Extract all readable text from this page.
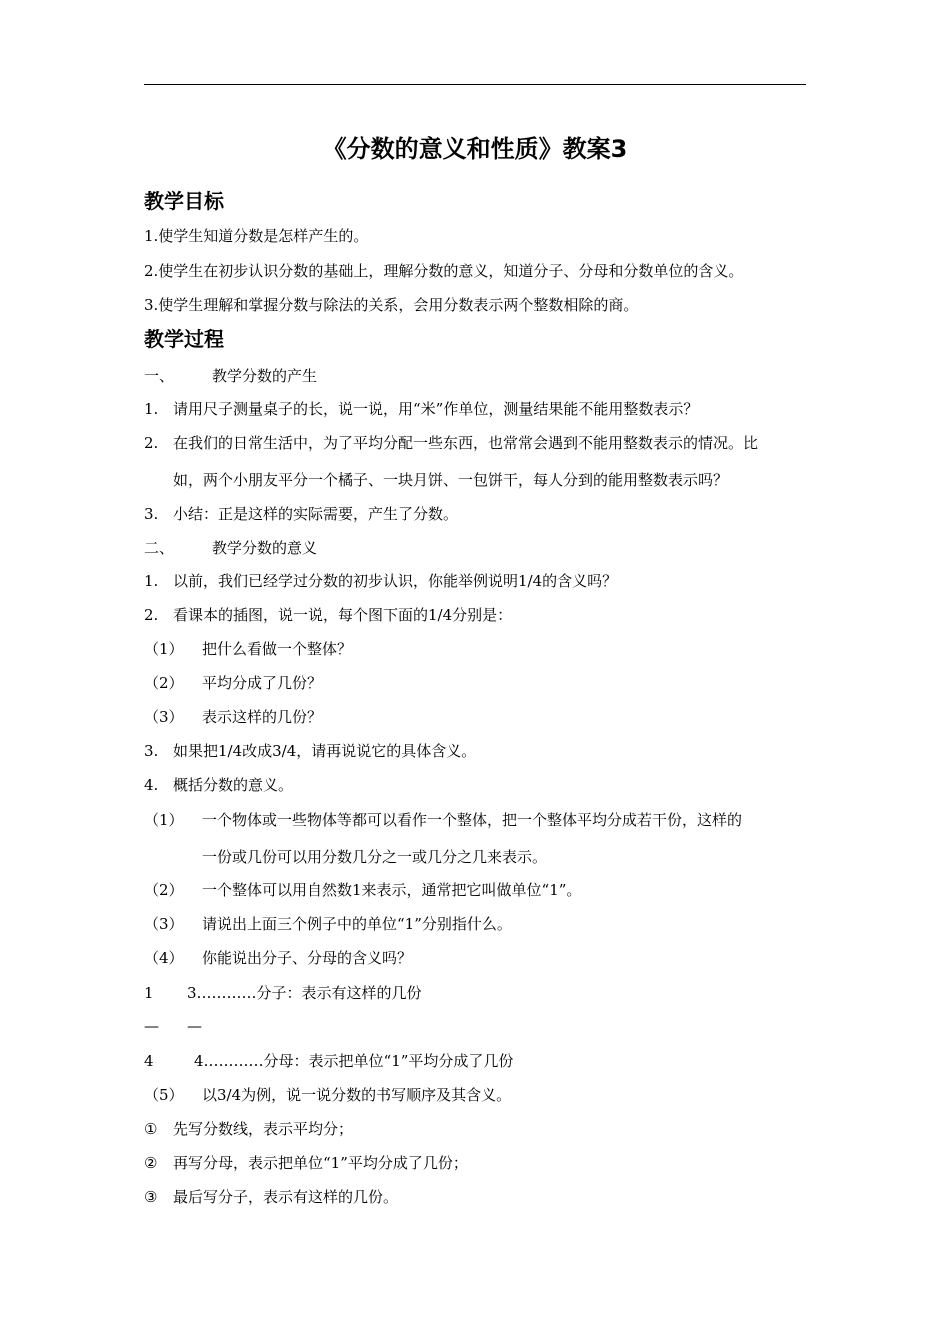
《分数的意义和性质》教案3
教学目标
1.使学生知道分数是怎样产生的。
2.使学生在初步认识分数的基础上，理解分数的意义，知道分子、分母和分数单位的含义。
3.使学生理解和掌握分数与除法的关系，会用分数表示两个整数相除的商。
教学过程
一、	教学分数的产生
1. 请用尺子测量桌子的长，说一说，用“米”作单位，测量结果能不能用整数表示？
2. 在我们的日常生活中，为了平均分配一些东西，也常常会遇到不能用整数表示的情况。比
如，两个小朋友平分一个橘子、一块月饼、一包饼干，每人分到的能用整数表示吗？
3. 小结：正是这样的实际需要，产生了分数。
二、	教学分数的意义
1. 以前，我们已经学过分数的初步认识，你能举例说明1/4的含义吗？
2. 看课本的插图，说一说，每个图下面的1/4分别是：
（1） 把什么看做一个整体？
（2） 平均分成了几份？
（3） 表示这样的几份？
3. 如果把1/4改成3/4，请再说说它的具体含义。
4. 概括分数的意义。
（1） 一个物体或一些物体等都可以看作一个整体，把一个整体平均分成若干份，这样的
一份或几份可以用分数几分之一或几分之几来表示。
（2） 一个整体可以用自然数1来表示，通常把它叫做单位“1”。
（3） 请说出上面三个例子中的单位“1”分别指什么。
（4） 你能说出分子、分母的含义吗？
1 3…………分子：表示有这样的几份
— —
4	4…………分母：表示把单位“1”平均分成了几份
（5） 以3/4为例，说一说分数的书写顺序及其含义。
① 先写分数线，表示平均分；
② 再写分母，表示把单位“1”平均分成了几份；
③ 最后写分子，表示有这样的几份。
